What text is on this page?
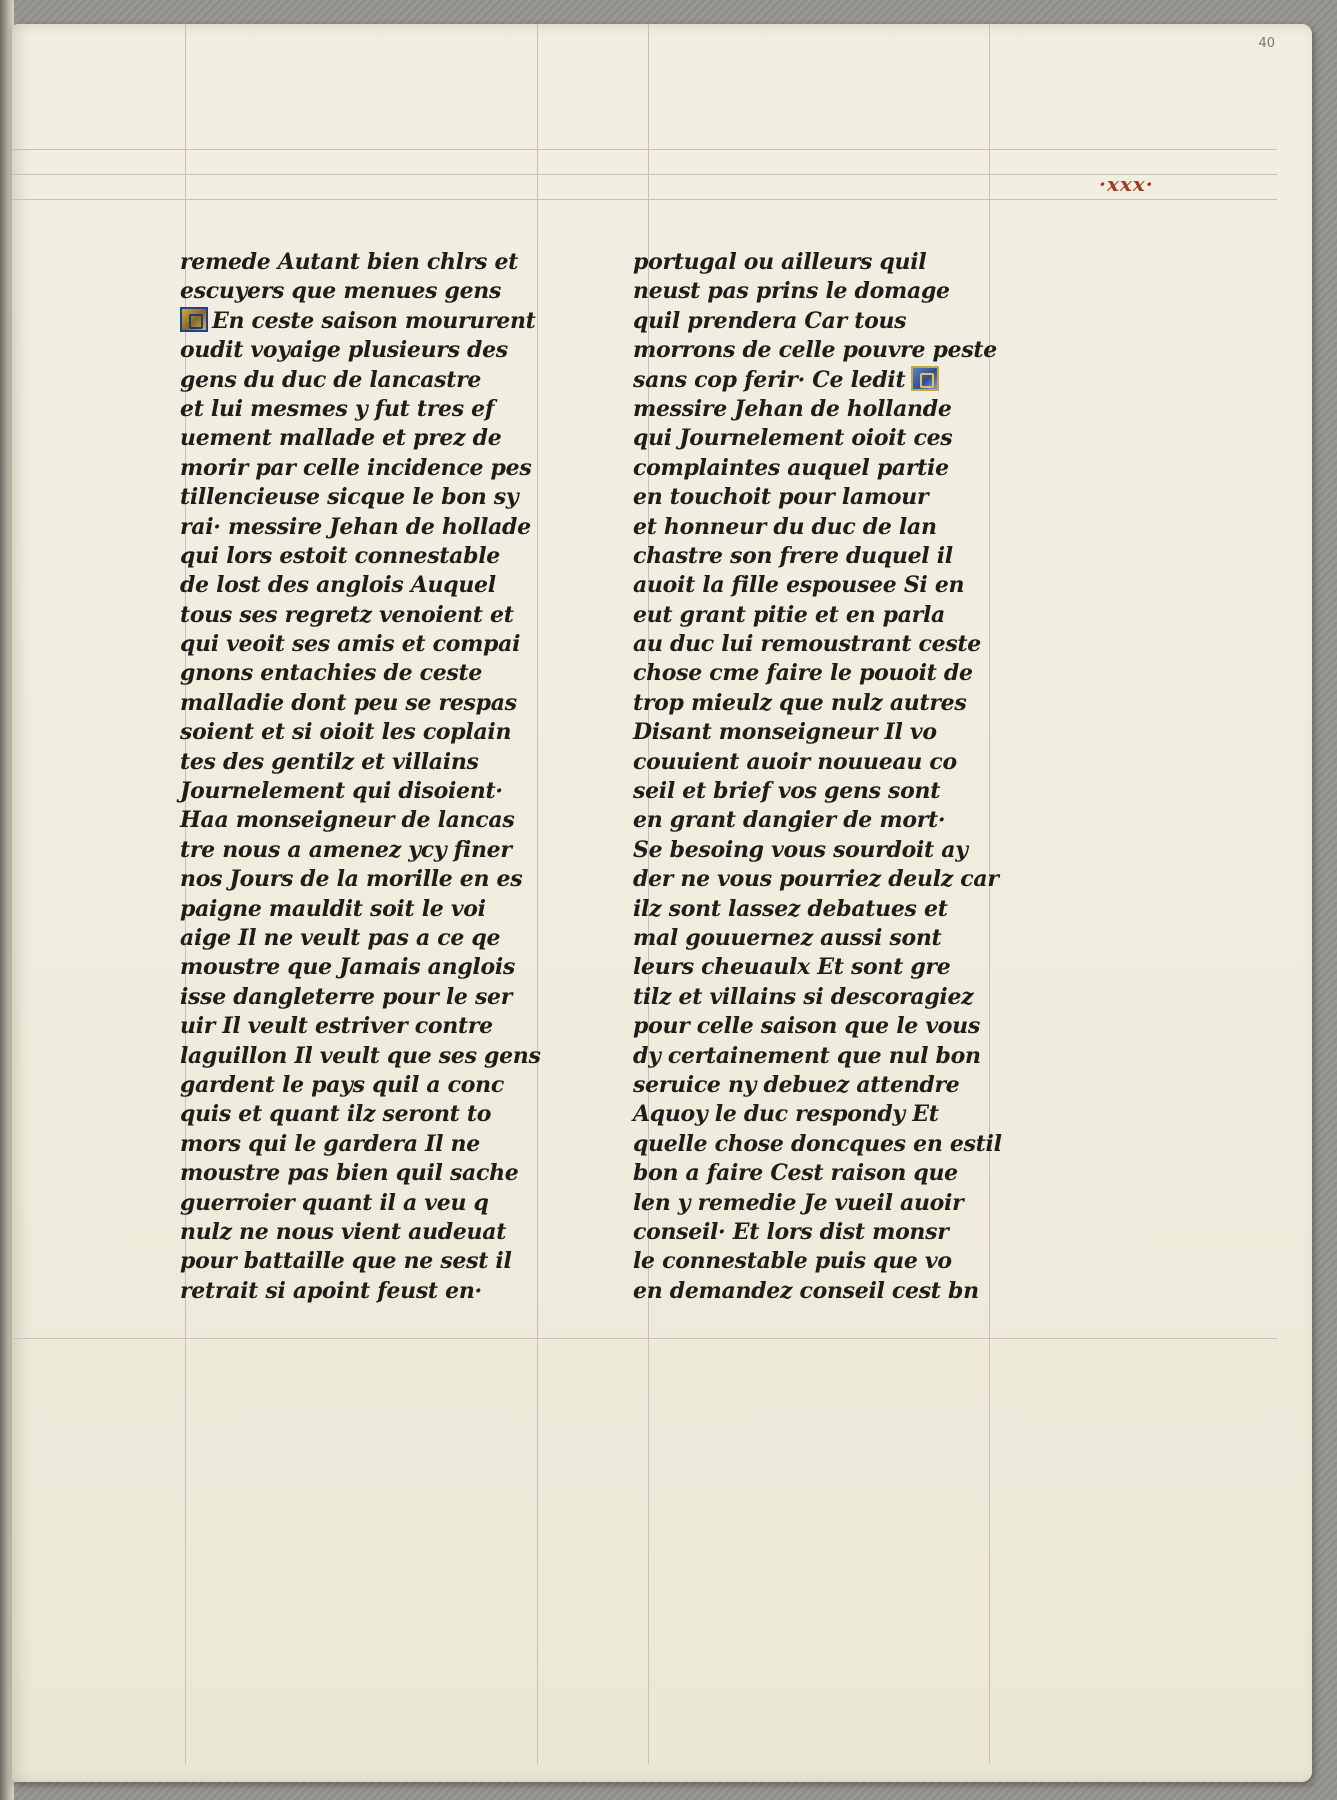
40
·xxx·
remede Autant bien chlrs et
escuyers que menues gens
En ceste saison moururent
oudit voyaige plusieurs des
gens du duc de lancastre
et lui mesmes y fut tres ef
uement mallade et prez de
morir par celle incidence pes
tillencieuse sicque le bon sy
rai· messire Jehan de hollade
qui lors estoit connestable
de lost des anglois Auquel
tous ses regretz venoient et
qui veoit ses amis et compai
gnons entachies de ceste
malladie dont peu se respas
soient et si oioit les coplain
tes des gentilz et villains
Journelement qui disoient·
Haa monseigneur de lancas
tre nous a amenez ycy finer
nos Jours de la morille en es
paigne mauldit soit le voi
aige Il ne veult pas a ce qe
moustre que Jamais anglois
isse dangleterre pour le ser
uir Il veult estriver contre
laguillon Il veult que ses gens
gardent le pays quil a conc
quis et quant ilz seront to
mors qui le gardera Il ne
moustre pas bien quil sache
guerroier quant il a veu q
nulz ne nous vient audeuat
pour battaille que ne sest il
retrait si apoint feust en·
portugal ou ailleurs quil
neust pas prins le domage
quil prendera Car tous
morrons de celle pouvre peste
sans cop ferir· Ce ledit
messire Jehan de hollande
qui Journelement oioit ces
complaintes auquel partie
en touchoit pour lamour
et honneur du duc de lan
chastre son frere duquel il
auoit la fille espousee Si en
eut grant pitie et en parla
au duc lui remoustrant ceste
chose cme faire le pouoit de
trop mieulz que nulz autres
Disant monseigneur Il vo
couuient auoir nouueau co
seil et brief vos gens sont
en grant dangier de mort·
Se besoing vous sourdoit ay
der ne vous pourriez deulz car
ilz sont lassez debatues et
mal gouuernez aussi sont
leurs cheuaulx Et sont gre
tilz et villains si descoragiez
pour celle saison que le vous
dy certainement que nul bon
seruice ny debuez attendre
Aquoy le duc respondy Et
quelle chose doncques en estil
bon a faire Cest raison que
len y remedie Je vueil auoir
conseil· Et lors dist monsr
le connestable puis que vo
en demandez conseil cest bn
